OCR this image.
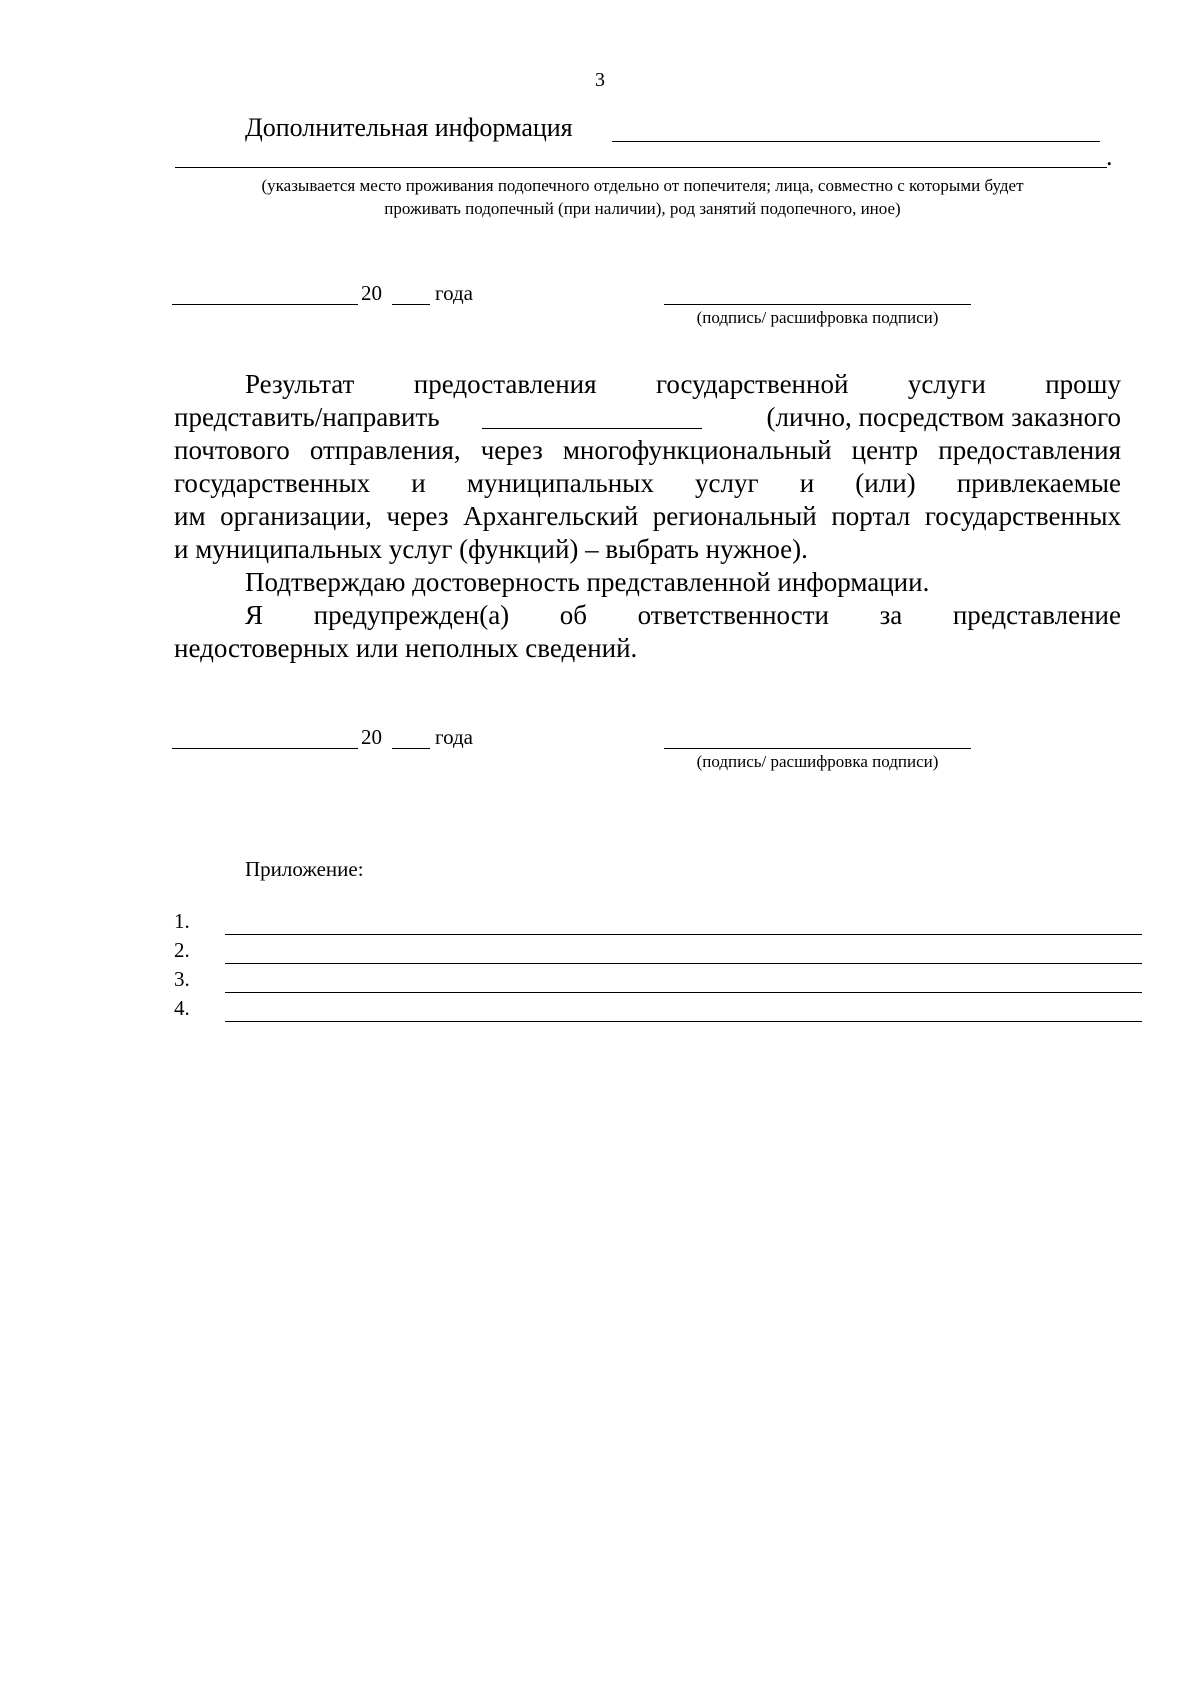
3
Дополнительная информация
.
(указывается место проживания подопечного отдельно от попечителя; лица, совместно с которыми будет
проживать подопечный (при наличии), род занятий подопечного, иное)
20	года
(подпись/ расшифровка подписи)
Результат предоставления государственной услуги прошу
представить/направить	(лично, посредством заказного
почтового отправления, через многофункциональный центр предоставления
государственных и муниципальных услуг и (или) привлекаемые
им организации, через Архангельский региональный портал государственных
и муниципальных услуг (функций) – выбрать нужное).
Подтверждаю достоверность представленной информации.
Я предупрежден(а) об ответственности за представление
недостоверных или неполных сведений.
20	года
(подпись/ расшифровка подписи)
Приложение:
1.
2.
3.
4.
